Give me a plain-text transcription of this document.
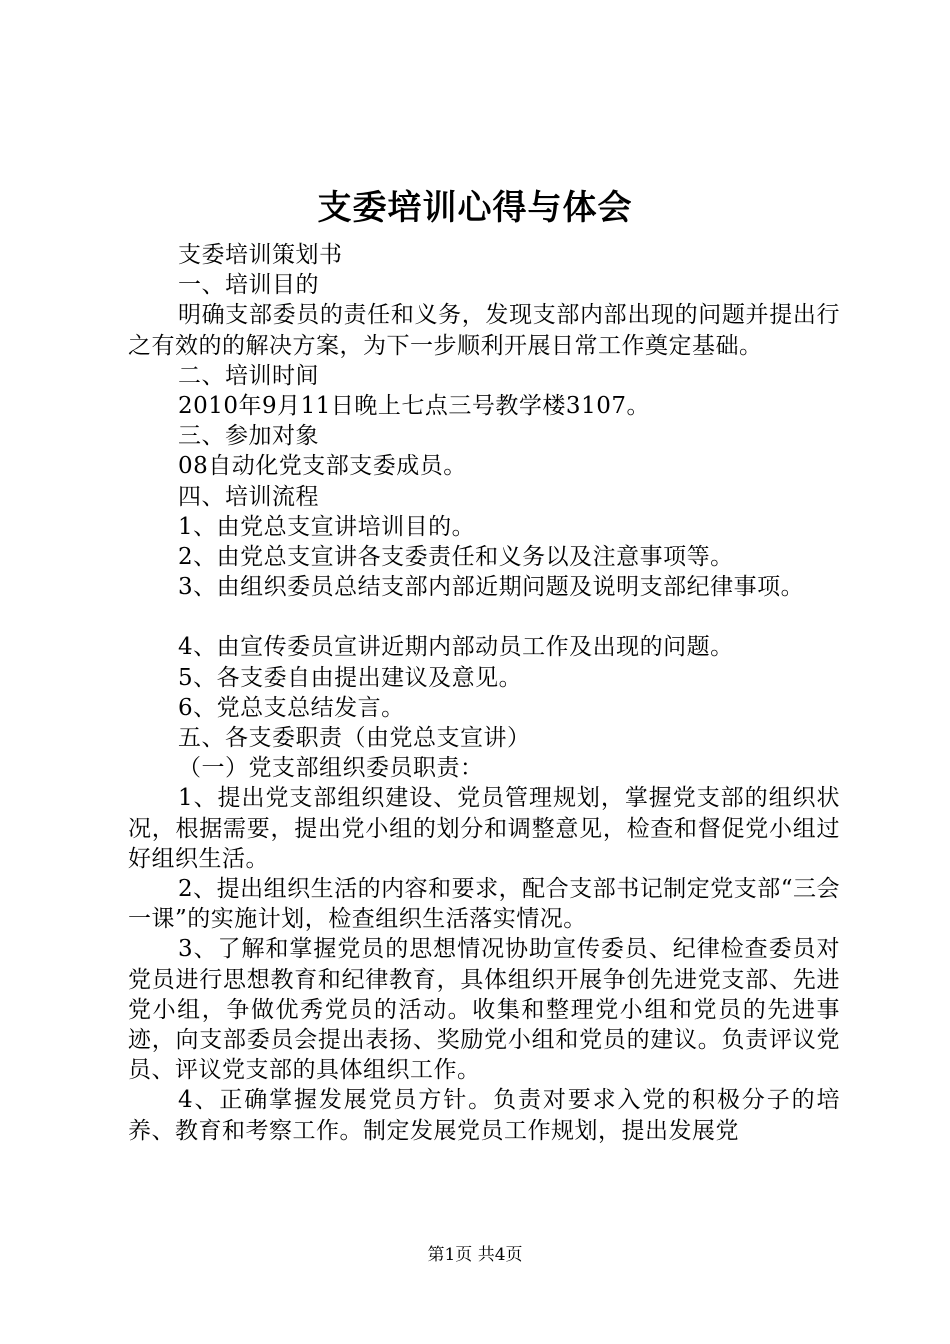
支委培训心得与体会

支委培训策划书

一、培训目的

明确支部委员的责任和义务，发现支部内部出现的问题并提出行之有效的的解决方案，为下一步顺利开展日常工作奠定基础。

二、培训时间

2010年9月11日晚上七点三号教学楼3107。

三、参加对象

08自动化党支部支委成员。

四、培训流程

1、由党总支宣讲培训目的。

2、由党总支宣讲各支委责任和义务以及注意事项等。

3、由组织委员总结支部内部近期问题及说明支部纪律事项。

4、由宣传委员宣讲近期内部动员工作及出现的问题。

5、各支委自由提出建议及意见。

6、党总支总结发言。

五、各支委职责（由党总支宣讲）

（一）党支部组织委员职责：

1、提出党支部组织建设、党员管理规划，掌握党支部的组织状况，根据需要，提出党小组的划分和调整意见，检查和督促党小组过好组织生活。

2、提出组织生活的内容和要求，配合支部书记制定党支部“三会一课”的实施计划，检查组织生活落实情况。

3、了解和掌握党员的思想情况协助宣传委员、纪律检查委员对党员进行思想教育和纪律教育，具体组织开展争创先进党支部、先进党小组，争做优秀党员的活动。收集和整理党小组和党员的先进事迹，向支部委员会提出表扬、奖励党小组和党员的建议。负责评议党员、评议党支部的具体组织工作。

4、正确掌握发展党员方针。负责对要求入党的积极分子的培养、教育和考察工作。制定发展党员工作规划，提出发展党

第1页 共4页
